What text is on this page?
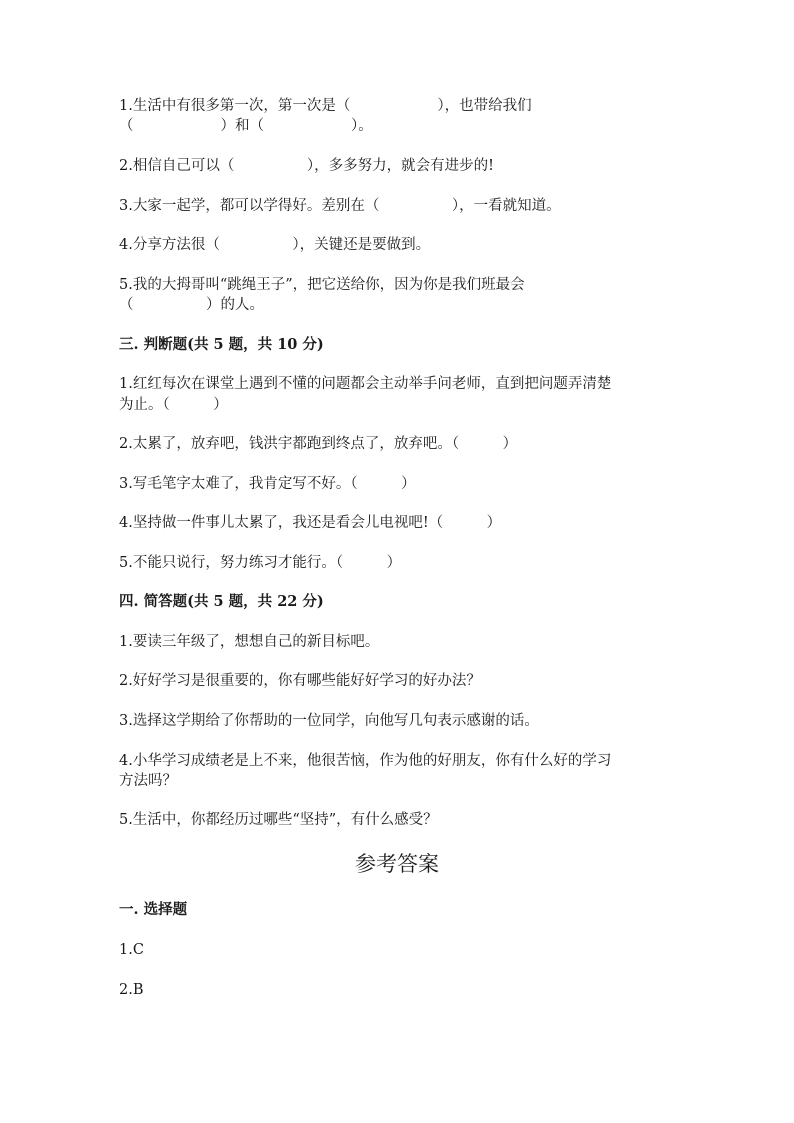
1.生活中有很多第一次，第一次是（　　　　　　），也带给我们
（　　　　　　）和（　　　　　　）。
2.相信自己可以（　　　　　），多多努力，就会有进步的!
3.大家一起学，都可以学得好。差别在（　　　　　），一看就知道。
4.分享方法很（　　　　　），关键还是要做到。
5.我的大拇哥叫“跳绳王子”，把它送给你，因为你是我们班最会
（　　　　　）的人。
三. 判断题(共 5 题，共 10 分)
1.红红每次在课堂上遇到不懂的问题都会主动举手问老师，直到把问题弄清楚
为止。（　　　）
2.太累了，放弃吧，钱洪宇都跑到终点了，放弃吧。（　　　）
3.写毛笔字太难了，我肯定写不好。（　　　）
4.坚持做一件事儿太累了，我还是看会儿电视吧!（　　　）
5.不能只说行，努力练习才能行。（　　　）
四. 简答题(共 5 题，共 22 分)
1.要读三年级了，想想自己的新目标吧。
2.好好学习是很重要的，你有哪些能好好学习的好办法？
3.选择这学期给了你帮助的一位同学，向他写几句表示感谢的话。
4.小华学习成绩老是上不来，他很苦恼，作为他的好朋友，你有什么好的学习
方法吗？
5.生活中，你都经历过哪些“坚持”，有什么感受？
参考答案
一. 选择题
1.C
2.B
